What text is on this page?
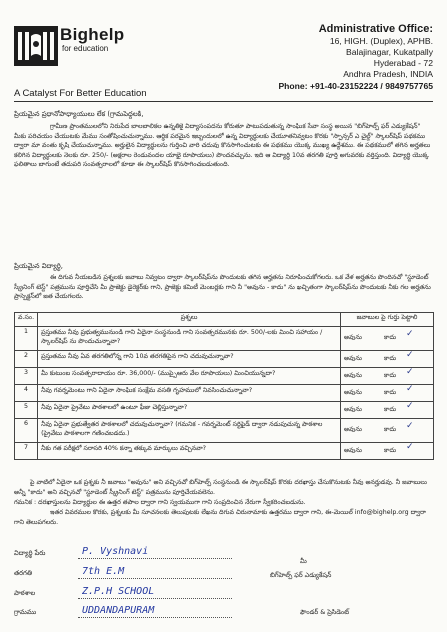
Bighelp
for education
A Catalyst For Better Education
Administrative Office:
16, HIGH. (Duplex), APHB.
Balajinagar, Kukatpally
Hyderabad - 72
Andhra Pradesh, INDIA
Phone: +91-40-23152224 / 9849757765
ప్రియమైన ప్రధానోపాధ్యాయులు లేక (గ్రామపెద్దలకి,
గ్రామీణ ప్రాంతములలోని నిరుపేద బాలబాలికల ఉన్నతికై విద్యాసంపదను కోరుతూ పాటుపడుతున్న సాంఘిక సేవా సంస్థ అయిన "బిగ్‌హెల్ప్ ఫర్ ఎడ్యుకేషన్" మీకు పరిచయం చేయుటకు మేము సంతోషించుచున్నాము. ఆర్థిక పరమైన ఇబ్బందులలో ఉన్న విద్యార్థులకు చేయూతనివ్వటం కొరకు "స్పాన్సర్ ఎ చైల్డ్" స్కాలర్‌షిప్ పథకము ద్వారా మా వంతు కృషి చేయుచున్నాము. అర్హులైన విద్యార్థులను గుర్తించి వారి చదువు కొనసాగించుటకు ఈ పథకము యొక్క ముఖ్య ఉద్దేశము. ఈ పథకములో తగిన అర్హతలు కలిగిన విద్యార్థులకు నెలకు రూ. 250/- (అక్షరాల రెండువందల యాభై రూపాయలు) పొందవచ్చును. ఇది ఆ విద్యార్థి 10వ తరగతి పూర్తి అగువరకు వర్తిస్తుంది. విద్యార్థి యొక్క ఫలితాలు బాగుంటే తదుపరి సంవత్సరాలలో కూడా ఈ స్కాలర్‌షిప్ కొనసాగించబడుతుంది.
ప్రియమైన విద్యార్థి,
ఈ దిగువ నీయబడిన ప్రశ్నలకు జవాబు నివ్వటం ద్వారా స్కాలర్‌షిప్‌ను పొందుటకు తగిన అర్హతను నిరూపించుకోగలరు. ఒక వేళ అర్హతను పొందినచో "స్టూడెంట్ స్క్రీనింగ్ టెస్ట్" పత్రమును పూర్తిచేసి మీ ప్రాజెక్టు డైరెక్టర్‌కు గాని, ప్రాజెక్టు కమిటీ మెంబర్లకు గాని నీ "అవును - కాదు" ను ఖచ్చితంగా స్కాలర్‌షిప్‌ను పొందుటకు నీకు గల అర్హతను ప్రాస్పెక్టస్‌లో జత చేయగలరు.
వ.సం.	ప్రశ్నలు	జవాబుల పై గుర్తు పెట్టాలి
1	ప్రస్తుతము నీవు ప్రభుత్వమునుండి గాని ఏదైనా సంస్థనుండి గాని సంవత్సరమునకు రూ. 500/-లకు మించి సహాయం / స్కాలర్‌షిప్ ను పొందుచున్నావా?	అవును కాదు ✓

2	ప్రస్తుతము నీవు ఏవ తరగతిలోన్న గాని 10వ తరగతిపైన గాని చదువుచున్నావా?	అవును కాదు ✓

3	మీ కుటుంబ సంవత్సరాదాయం రూ. 36,000/- (ముప్పైఆరు వేల రూపాయలు) మించియున్నదా?	అవును కాదు ✓

4	నీవు గవర్నమెంటు గాని ఏదైనా సాంఘిక సంక్షేమ వసతి గృహములో నివసించుచున్నావా?	అవును కాదు ✓

5	నీవు ఏదైనా ప్రైవేటు పాఠశాలలో ఉంటూ ఫీజు చెల్లిస్తున్నావా?	అవును కాదు ✓

6	నీవు ఏదైనా ప్రభుత్వేతర పాఠశాలలో చదువుచున్నావా? (గమనిక - గవర్నమెంట్ సర్టిఫైడ్ ద్వారా నడుపుచున్న పాఠశాల (ప్రైవేటు పాఠశాలగా గణించబడదు.)	అవును కాదు ✓

7	నీకు గత పరీక్షలో సరాసరి 40% కన్నా తక్కువ మార్కులు వచ్చినవా?	అవును కాదు ✓
పై వాటిలో ఏదైనా ఒక ప్రశ్నకు నీ జవాబు "అవును" అని వచ్చినచో బిగ్‌హెల్ప్ సంస్థనుండి ఈ స్కాలర్‌షిప్ కొరకు దరఖాస్తు చేసుకొనుటకు నీవు అనర్హుడవు. నీ జవాబులు అన్నీ "కాదు" అని వచ్చినచో "స్టూడెంట్ స్క్రీనింగ్ టెస్ట్" పత్రమును పూర్తిచేయవలెను.
గమనిక : దరఖాస్తులను విద్యార్థుల ఈ ఉత్తర తపాల ద్వారా గాని స్వయముగా గాని సంప్రదించిన నేరుగా స్వీకరించబడును.
ఇతర వివరముల కొరకు, ప్రశ్నలకు మీ సూచనలకు తెలుపుటకు లేఖను దిగువ చిరునామాకు ఉత్తరము ద్వారా గాని, ఈ-మెయిల్ info@bighelp.org ద్వారా గాని తెలుపగలరు.
విద్యార్థి పేరు	P. Vyshnavi
తరగతి	7th E.M
పాఠశాల	Z.P.H SCHOOL
గ్రామము	UDDANDAPURAM
మీ
బిగ్‌హెల్ప్ ఫర్ ఎడ్యుకేషన్
ఫౌండర్ & ప్రెసిడెంట్
